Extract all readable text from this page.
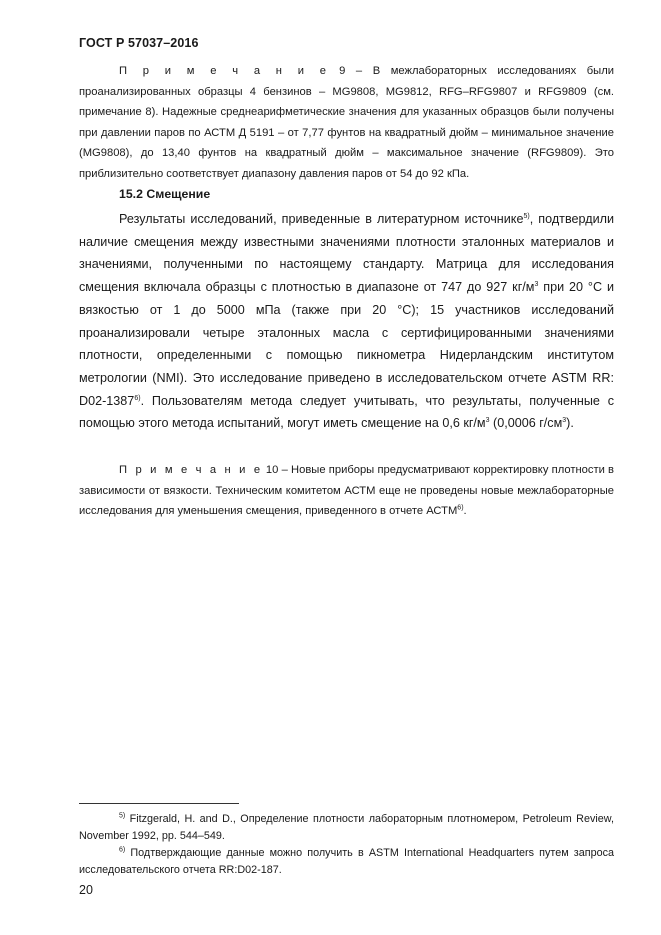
ГОСТ Р 57037–2016

П р и м е ч а н и е 9 – В межлабораторных исследованиях были проанализированных образцы 4 бензинов – MG9808, MG9812, RFG–RFG9807 и RFG9809 (см. примечание 8). Надежные среднеарифметические значения для указанных образцов были получены при давлении паров по АСТМ Д 5191 – от 7,77 фунтов на квадратный дюйм – минимальное значение (MG9808), до 13,40 фунтов на квадратный дюйм – максимальное значение (RFG9809). Это приблизительно соответствует диапазону давления паров от 54 до 92 кПа.

15.2 Смещение

Результаты исследований, приведенные в литературном источнике$^{5)}$, подтвердили наличие смещения между известными значениями плотности эталонных материалов и значениями, полученными по настоящему стандарту. Матрица для исследования смещения включала образцы с плотностью в диапазоне от 747 до 927 $кг/м^3$ при 20 °С и вязкостью от 1 до 5000 мПа (также при 20 °С); 15 участников исследований проанализировали четыре эталонных масла с сертифицированными значениями плотности, определенными с помощью пикнометра Нидерландским институтом метрологии (NMI). Это исследование приведено в исследовательском отчете ASTM RR: D02-1387$^{6)}$. Пользователям метода следует учитывать, что результаты, полученные с помощью этого метода испытаний, могут иметь смещение на 0,6 $кг/м^3$ (0,0006 $г/см^3$).

П р и м е ч а н и е 10 – Новые приборы предусматривают корректировку плотности в зависимости от вязкости. Техническим комитетом АСТМ еще не проведены новые межлабораторные исследования для уменьшения смещения, приведенного в отчете АСТМ$^{6)}$.

$^{5)}$ Fitzgerald, H. and D., Определение плотности лабораторным плотномером, Petroleum Review, November 1992, pp. 544–549.

$^{6)}$ Подтверждающие данные можно получить в ASTM International Headquarters путем запроса исследовательского отчета RR:D02-187.

20
